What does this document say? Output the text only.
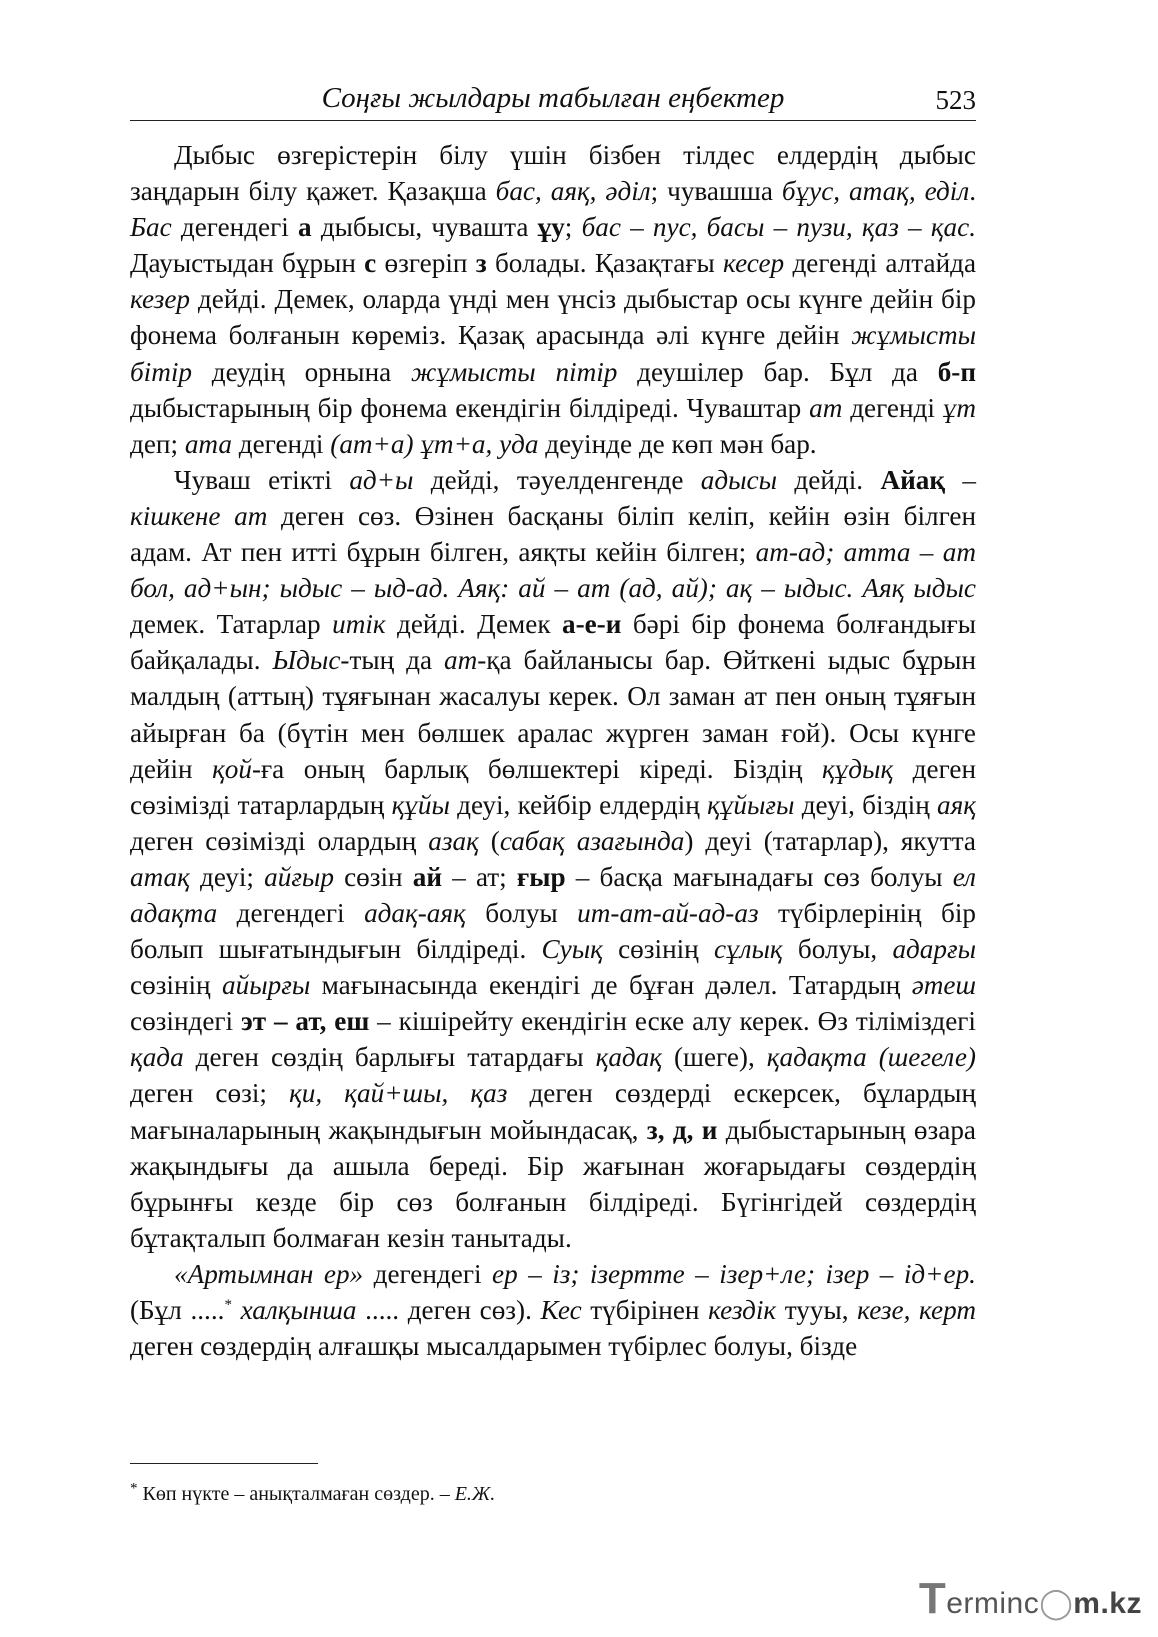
Соңғы жылдары табылған еңбектер	523

Дыбыс өзгерістерін білу үшін бізбен тілдес елдердің дыбыс заңдарын білу қажет. Қазақша бас, аяқ, әділ; чувашша бұус, атақ, еділ. Бас дегендегі а дыбысы, чувашта ұу; бас – пус, басы – пузи, қаз – қас. Дауыстыдан бұрын с өзгеріп з болады. Қазақтағы кесер дегенді алтайда кезер дейді. Демек, оларда үнді мен үнсіз дыбыстар осы күнге дейін бір фонема болғанын көреміз. Қазақ арасында әлі күнге дейін жұмысты бітір деудің орнына жұмысты пітір деушілер бар. Бұл да б-п дыбыстарының бір фонема екендігін білдіреді. Чуваштар ат дегенді ұт деп; ата дегенді (ат+а) ұт+а, уда деуінде де көп мән бар.

Чуваш етікті ад+ы дейді, тәуелденгенде адысы дейді. Айақ – кішкене ат деген сөз. Өзінен басқаны біліп келіп, кейін өзін білген адам. Ат пен итті бұрын білген, аяқты кейін білген; ат-ад; атта – ат бол, ад+ын; ыдыс – ыд-ад. Аяқ: ай – ат (ад, ай); ақ – ыдыс. Аяқ ыдыс демек. Татарлар итік дейді. Демек а-е-и бәрі бір фонема болғандығы байқалады. Ыдыс-тың да ат-қа байланысы бар. Өйткені ыдыс бұрын малдың (аттың) тұяғынан жасалуы керек. Ол заман ат пен оның тұяғын айырған ба (бүтін мен бөлшек аралас жүрген заман ғой). Осы күнге дейін қой-ға оның барлық бөлшектері кіреді. Біздің құдық деген сөзімізді татарлардың құйы деуі, кейбір елдердің құйығы деуі, біздің аяқ деген сөзімізді олардың азақ (сабақ азағында) деуі (татарлар), якутта атақ деуі; айғыр сөзін ай – ат; ғыр – басқа мағынадағы сөз болуы ел адақта дегендегі адақ-аяқ болуы ит-ат-ай-ад-аз түбірлерінің бір болып шығатындығын білдіреді. Суық сөзінің сұлық болуы, адарғы сөзінің айырғы мағынасында екендігі де бұған дәлел. Татардың әтеш сөзіндегі эт – ат, еш – кішірейту екендігін еске алу керек. Өз тіліміздегі қада деген сөздің барлығы татардағы қадақ (шеге), қадақта (шегеле) деген сөзі; қи, қай+шы, қаз деген сөздерді ескерсек, бұлардың мағыналарының жақындығын мойындасақ, з, д, и дыбыстарының өзара жақындығы да ашыла береді. Бір жағынан жоғарыдағы сөздердің бұрынғы кезде бір сөз болғанын білдіреді. Бүгінгідей сөздердің бұтақталып болмаған кезін танытады.

«Артымнан ер» дегендегі ер – із; ізертте – ізер+ле; ізер – ід+ер. (Бұл .....* халқынша ..... деген сөз). Кес түбірінен кездік тууы, кезе, керт деген сөздердің алғашқы мысалдарымен түбірлес болуы, бізде

* Көп нүкте – анықталмаған сөздер. – Е.Ж.
Terminc◯m.kz
